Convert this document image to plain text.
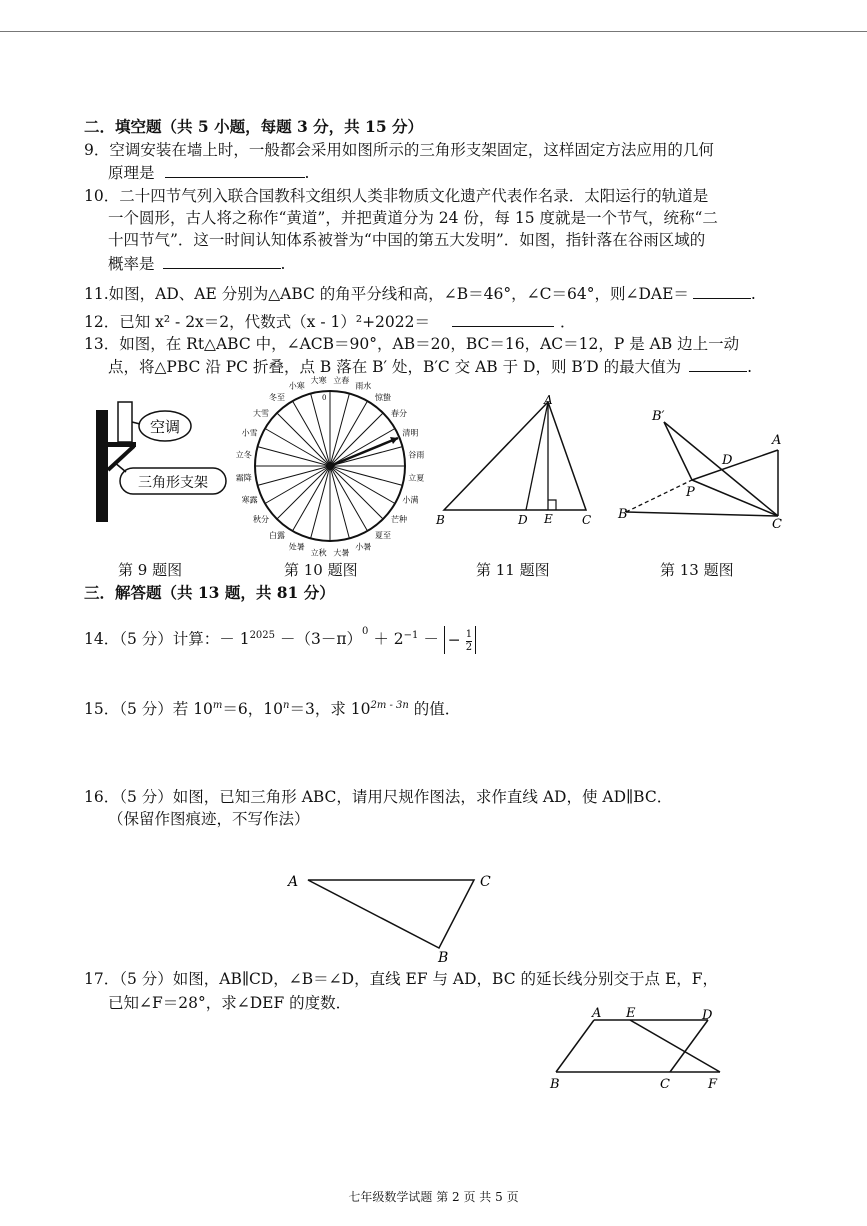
二．填空题（共 5 小题，每题 3 分，共 15 分）
9．空调安装在墙上时，一般都会采用如图所示的三角形支架固定，这样固定方法应用的几何
原理是	.
10．二十四节气列入联合国教科文组织人类非物质文化遗产代表作名录．太阳运行的轨道是
一个圆形，古人将之称作“黄道”，并把黄道分为 24 份，每 15 度就是一个节气，统称“二
十四节气”．这一时间认知体系被誉为“中国的第五大发明”．如图，指针落在谷雨区域的
概率是	.
11.如图，AD、AE 分别为△ABC 的角平分线和高，∠B＝46°，∠C＝64°，则∠DAE＝	.
12．已知 x² - 2x＝2，代数式（x - 1）²+2022＝	．
13．如图，在 Rt△ABC 中，∠ACB＝90°，AB＝20，BC＝16，AC＝12，P 是 AB 边上一动
点，将△PBC 沿 PC 折叠，点 B 落在 B′ 处，B′C 交 AB 于 D，则 B′D 的最大值为	.
空调
三角形支架
立春
雨水
惊蛰
春分
清明
谷雨
立夏
小满
芒种
夏至
小暑
大暑
立秋
处暑
白露
秋分
寒露
霜降
立冬
小雪
大雪
冬至
小寒
大寒
0	A
B	D E C
B′
A
D
P
B
C
第 9 题图	第 10 题图	第 11 题图	第 13 题图
三．解答题（共 13 题，共 81 分）
14．（5 分）计算：－ $1^{2025} -(3-\pi)^0 + 2^{-1}$ － − $\frac{1}{2}$
15．（5 分）若 $10^m=6$，$10^n=3$，求 $10^{2m - 3n}$ 的值．
16．（5 分）如图，已知三角形 ABC，请用尺规作图法，求作直线 AD，使 AD∥BC．
（保留作图痕迹，不写作法）
A	C
B
17．（5 分）如图，AB∥CD，∠B＝∠D，直线 EF 与 AD，BC 的延长线分别交于点 E，F，
已知∠F＝28°，求∠DEF 的度数．
A E	D
B	C	F
七年级数学试题 第 2 页 共 5 页
